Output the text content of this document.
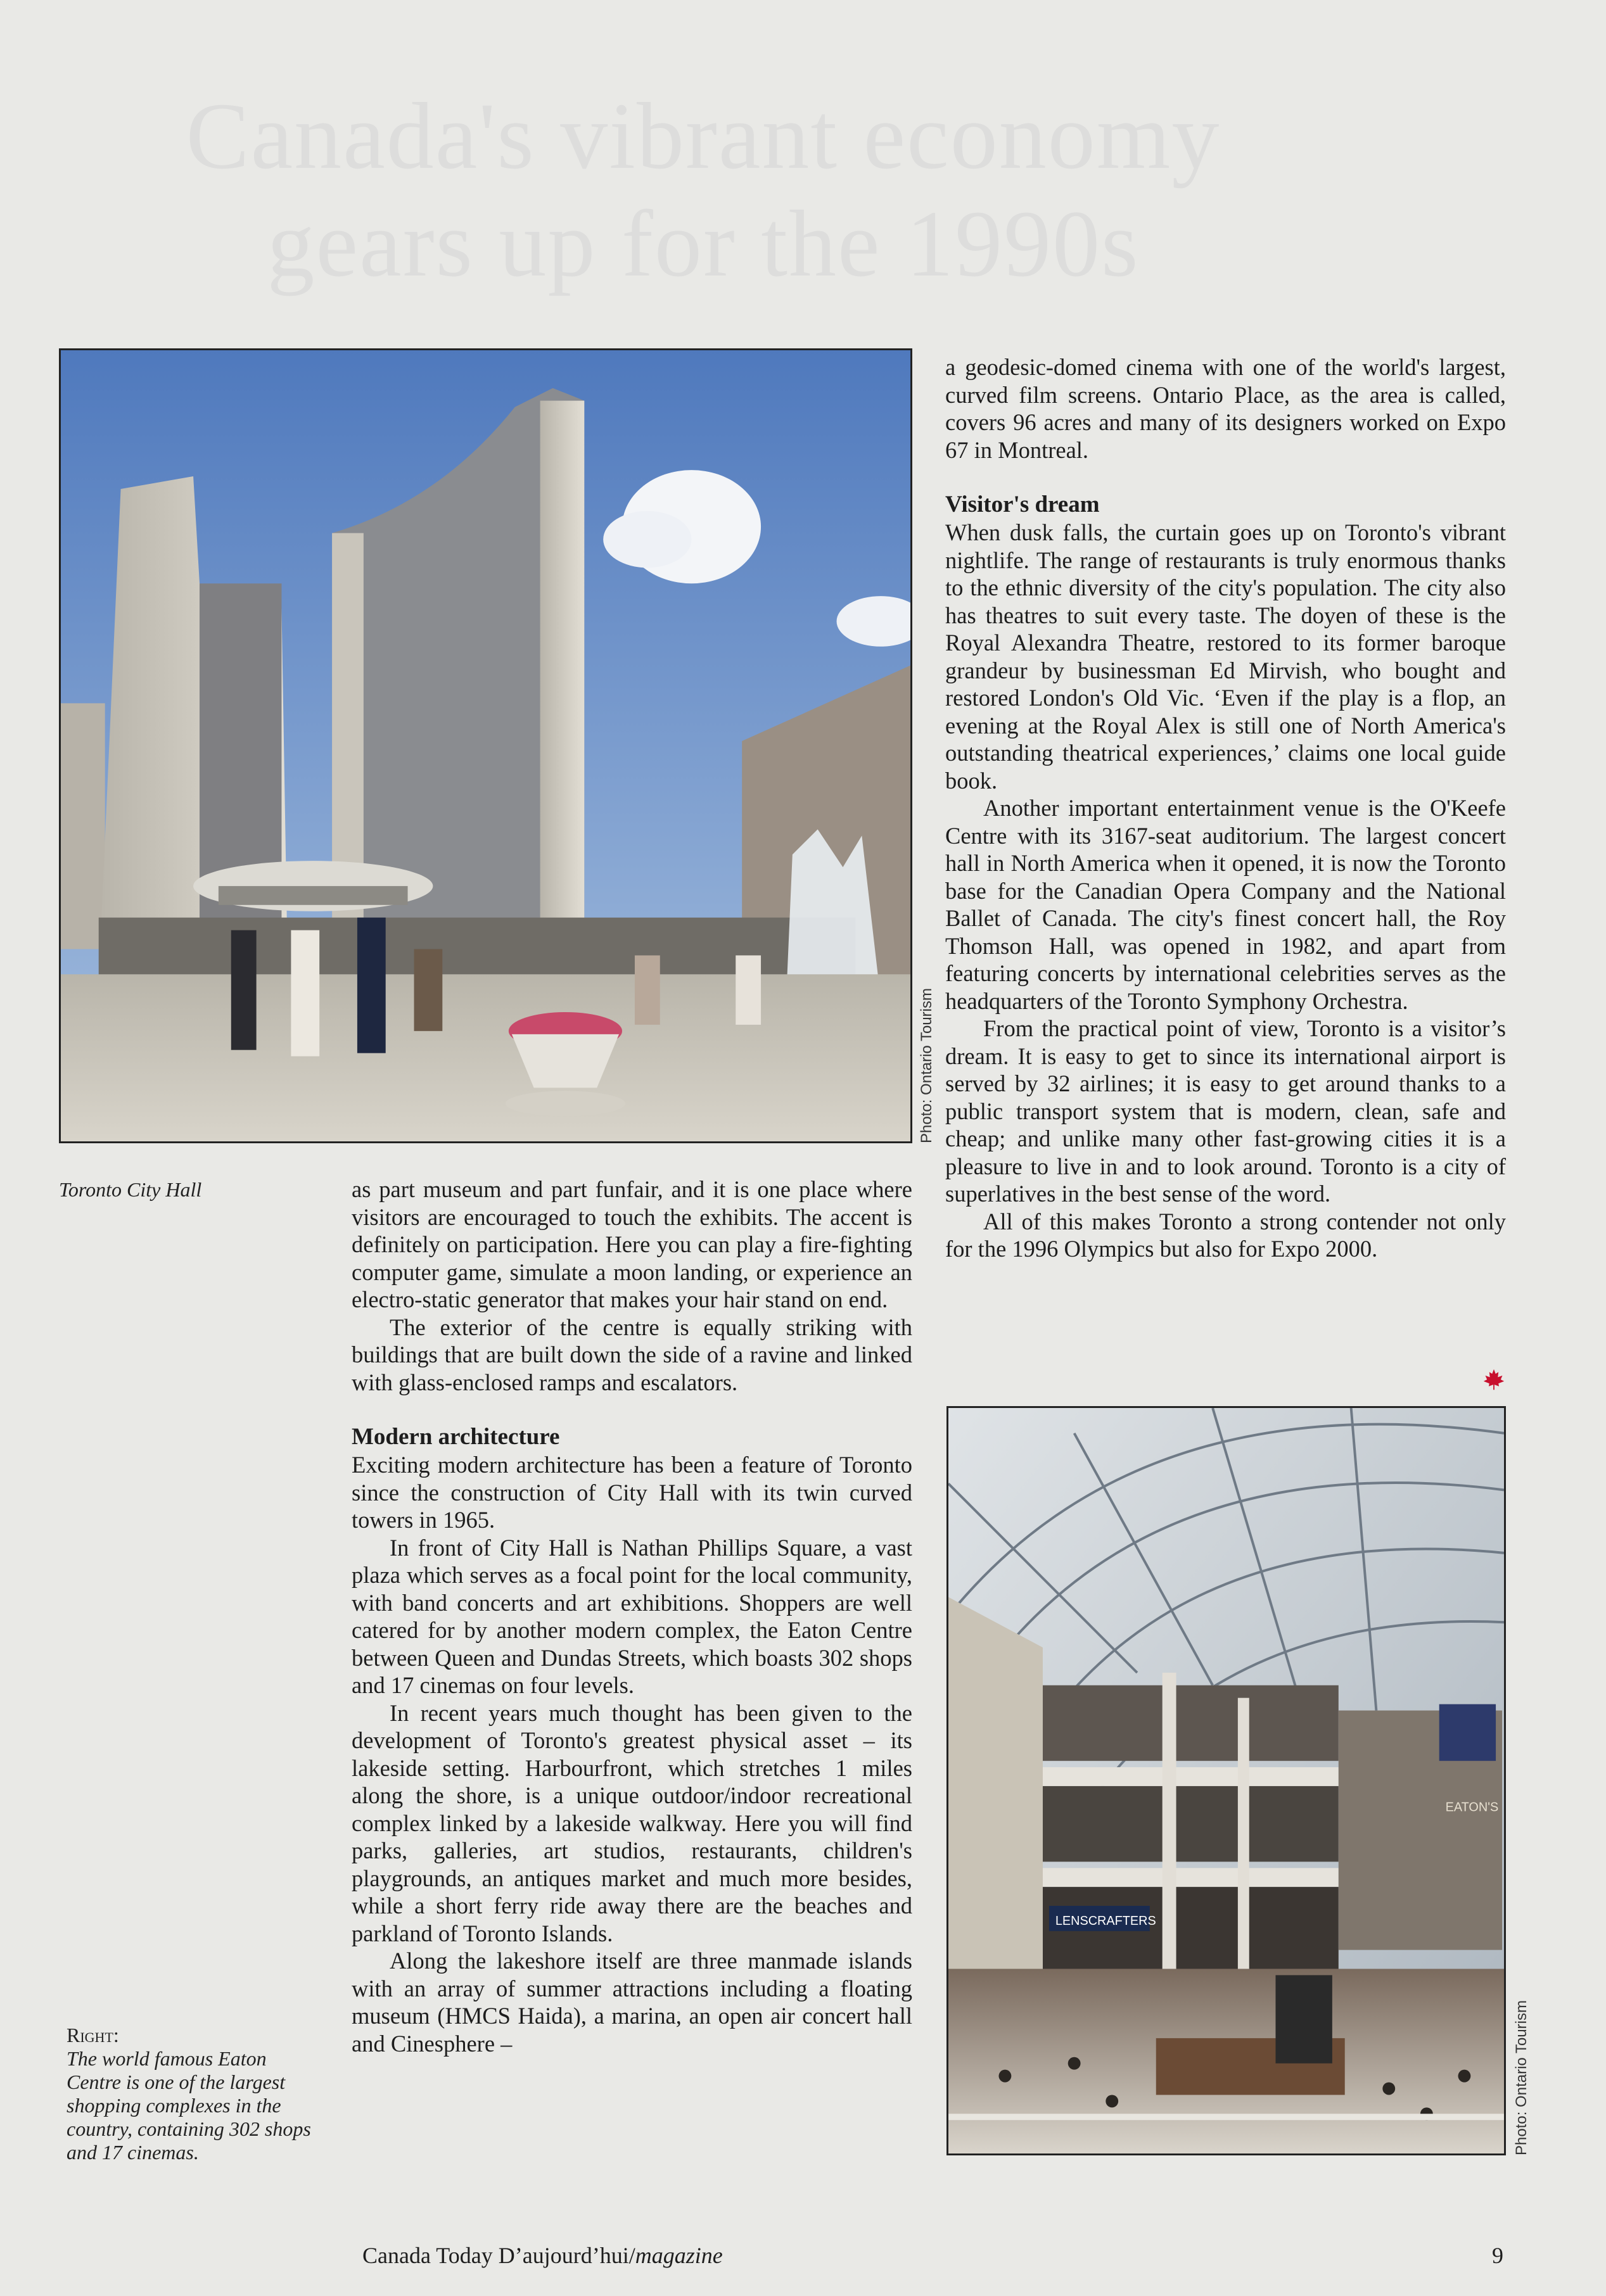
Canada's vibrant economy gears up for the 1990s
Photo: Ontario Tourism
Toronto City Hall	as part museum and part funfair, and it is one place where visitors are encouraged to touch the exhibits. The accent is definitely on participation. Here you can play a fire-fighting computer game, simulate a moon landing, or experience an electro-static generator that makes your hair stand on end.

The exterior of the centre is equally striking with buildings that are built down the side of a ravine and linked with glass-enclosed ramps and escalators.

Modern architecture

Exciting modern architecture has been a feature of Toronto since the construction of City Hall with its twin curved towers in 1965.

In front of City Hall is Nathan Phillips Square, a vast plaza which serves as a focal point for the local community, with band concerts and art exhibitions. Shoppers are well catered for by another modern complex, the Eaton Centre between Queen and Dundas Streets, which boasts 302 shops and 17 cinemas on four levels.

In recent years much thought has been given to the development of Toronto's greatest physical asset – its lakeside setting. Harbourfront, which stretches 1 miles along the shore, is a unique outdoor/indoor recreational complex linked by a lakeside walkway. Here you will find parks, galleries, art studios, restaurants, children's playgrounds, an antiques market and much more besides, while a short ferry ride away there are the beaches and parkland of Toronto Islands.

Along the lakeshore itself are three manmade islands with an array of summer attractions including a floating museum (HMCS Haida), a marina, an open air concert hall and Cinesphere –

Right:
The world famous Eaton Centre is one of the largest shopping complexes in the country, containing 302 shops and 17 cinemas.

a geodesic-domed cinema with one of the world's largest, curved film screens. Ontario Place, as the area is called, covers 96 acres and many of its designers worked on Expo 67 in Montreal.

Visitor's dream

When dusk falls, the curtain goes up on Toronto's vibrant nightlife. The range of restaurants is truly enormous thanks to the ethnic diversity of the city's population. The city also has theatres to suit every taste. The doyen of these is the Royal Alexandra Theatre, restored to its former baroque grandeur by businessman Ed Mirvish, who bought and restored London's Old Vic. ‘Even if the play is a flop, an evening at the Royal Alex is still one of North America's outstanding theatrical experiences,’ claims one local guide book.

Another important entertainment venue is the O'Keefe Centre with its 3167-seat auditorium. The largest concert hall in North America when it opened, it is now the Toronto base for the Canadian Opera Company and the National Ballet of Canada. The city's finest concert hall, the Roy Thomson Hall, was opened in 1982, and apart from featuring concerts by international celebrities serves as the headquarters of the Toronto Symphony Orchestra.

From the practical point of view, Toronto is a visitor’s dream. It is easy to get to since its international airport is served by 32 airlines; it is easy to get around thanks to a public transport system that is modern, clean, safe and cheap; and unlike many other fast-growing cities it is a pleasure to live in and to look around. Toronto is a city of superlatives in the best sense of the word.

All of this makes Toronto a strong contender not only for the 1996 Olympics but also for Expo 2000.

LENSCRAFTERS
EATON'S
Photo: Ontario Tourism
Canada Today D’aujourd’hui/magazine	9
